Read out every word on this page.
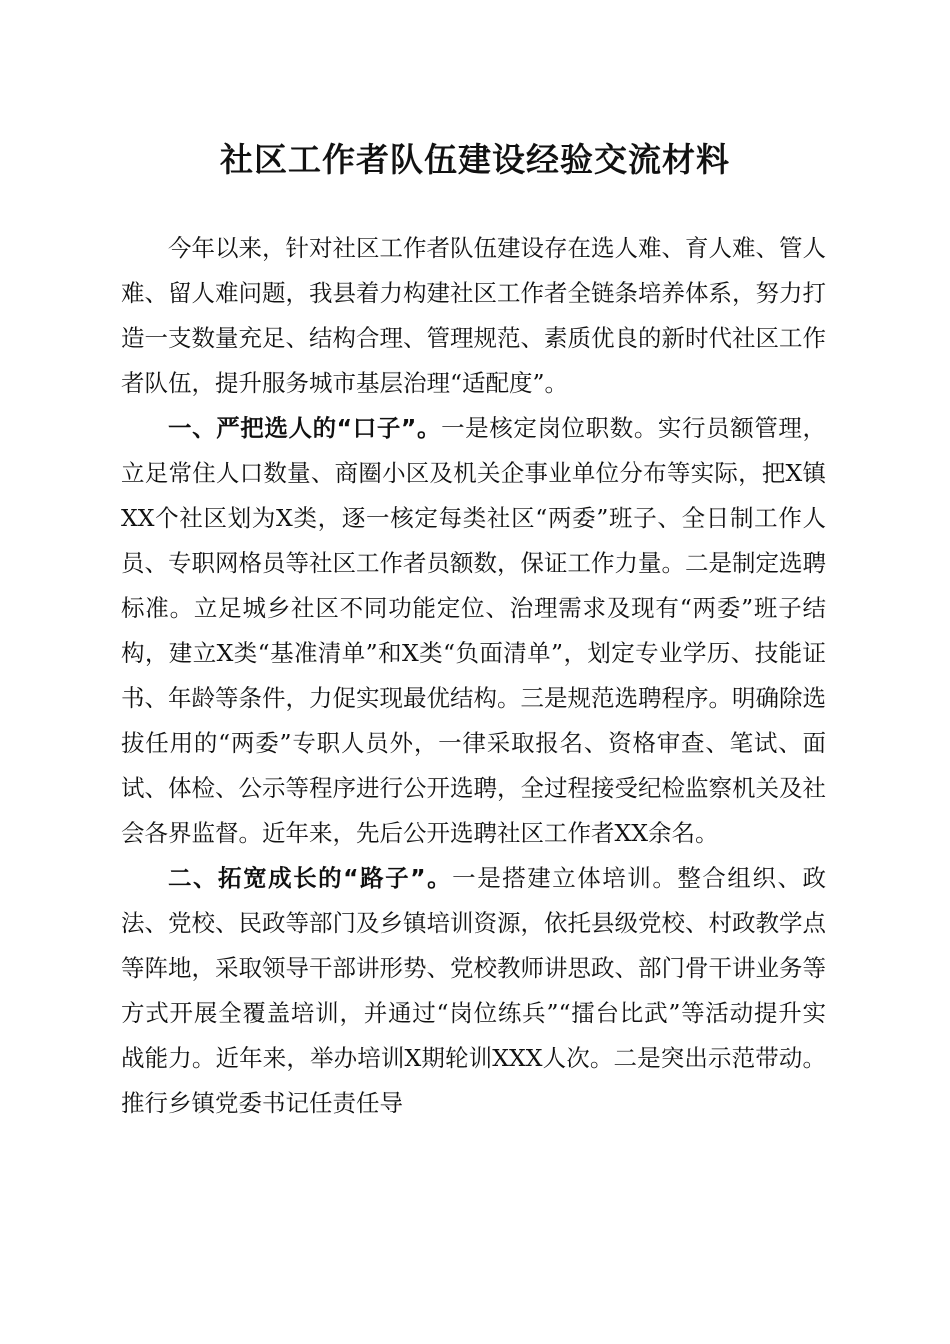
社区工作者队伍建设经验交流材料

今年以来，针对社区工作者队伍建设存在选人难、育人难、管人难、留人难问题，我县着力构建社区工作者全链条培养体系，努力打造一支数量充足、结构合理、管理规范、素质优良的新时代社区工作者队伍，提升服务城市基层治理“适配度”。

一、严把选人的“口子”。一是核定岗位职数。实行员额管理，立足常住人口数量、商圈小区及机关企事业单位分布等实际，把X镇XX个社区划为X类，逐一核定每类社区“两委”班子、全日制工作人员、专职网格员等社区工作者员额数，保证工作力量。二是制定选聘标准。立足城乡社区不同功能定位、治理需求及现有“两委”班子结构，建立X类“基准清单”和X类“负面清单”，划定专业学历、技能证书、年龄等条件，力促实现最优结构。三是规范选聘程序。明确除选拔任用的“两委”专职人员外，一律采取报名、资格审查、笔试、面试、体检、公示等程序进行公开选聘，全过程接受纪检监察机关及社会各界监督。近年来，先后公开选聘社区工作者XX余名。

二、拓宽成长的“路子”。一是搭建立体培训。整合组织、政法、党校、民政等部门及乡镇培训资源，依托县级党校、村政教学点等阵地，采取领导干部讲形势、党校教师讲思政、部门骨干讲业务等方式开展全覆盖培训，并通过“岗位练兵”“擂台比武”等活动提升实战能力。近年来，举办培训X期轮训XXX人次。二是突出示范带动。推行乡镇党委书记任责任导
